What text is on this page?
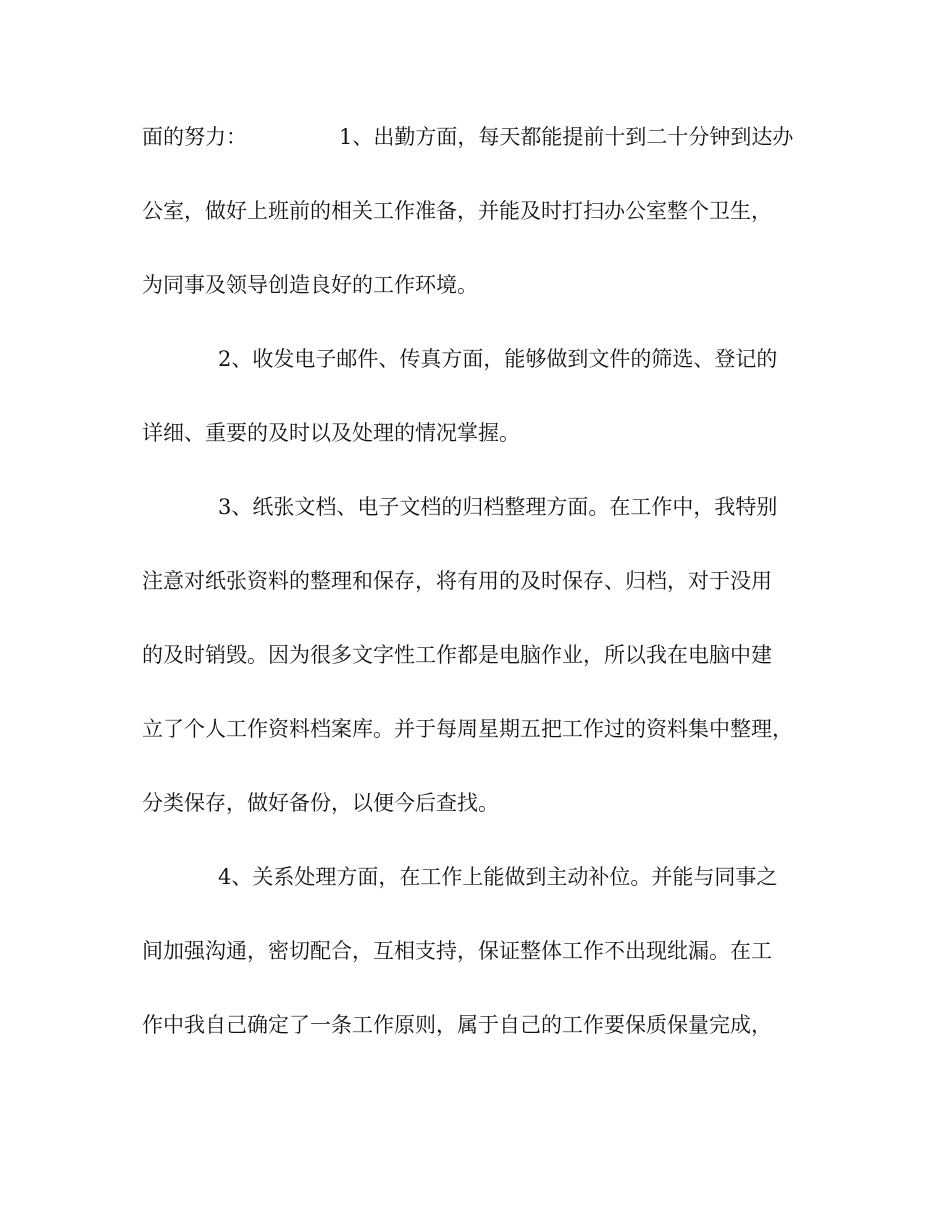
面的努力：	1、出勤方面，每天都能提前十到二十分钟到达办
公室，做好上班前的相关工作准备，并能及时打扫办公室整个卫生，
为同事及领导创造良好的工作环境。
2、收发电子邮件、传真方面，能够做到文件的筛选、登记的
详细、重要的及时以及处理的情况掌握。
3、纸张文档、电子文档的归档整理方面。在工作中，我特别
注意对纸张资料的整理和保存，将有用的及时保存、归档，对于没用
的及时销毁。因为很多文字性工作都是电脑作业，所以我在电脑中建
立了个人工作资料档案库。并于每周星期五把工作过的资料集中整理，
分类保存，做好备份，以便今后查找。
4、关系处理方面，在工作上能做到主动补位。并能与同事之
间加强沟通，密切配合，互相支持，保证整体工作不出现纰漏。在工
作中我自己确定了一条工作原则，属于自己的工作要保质保量完成，
